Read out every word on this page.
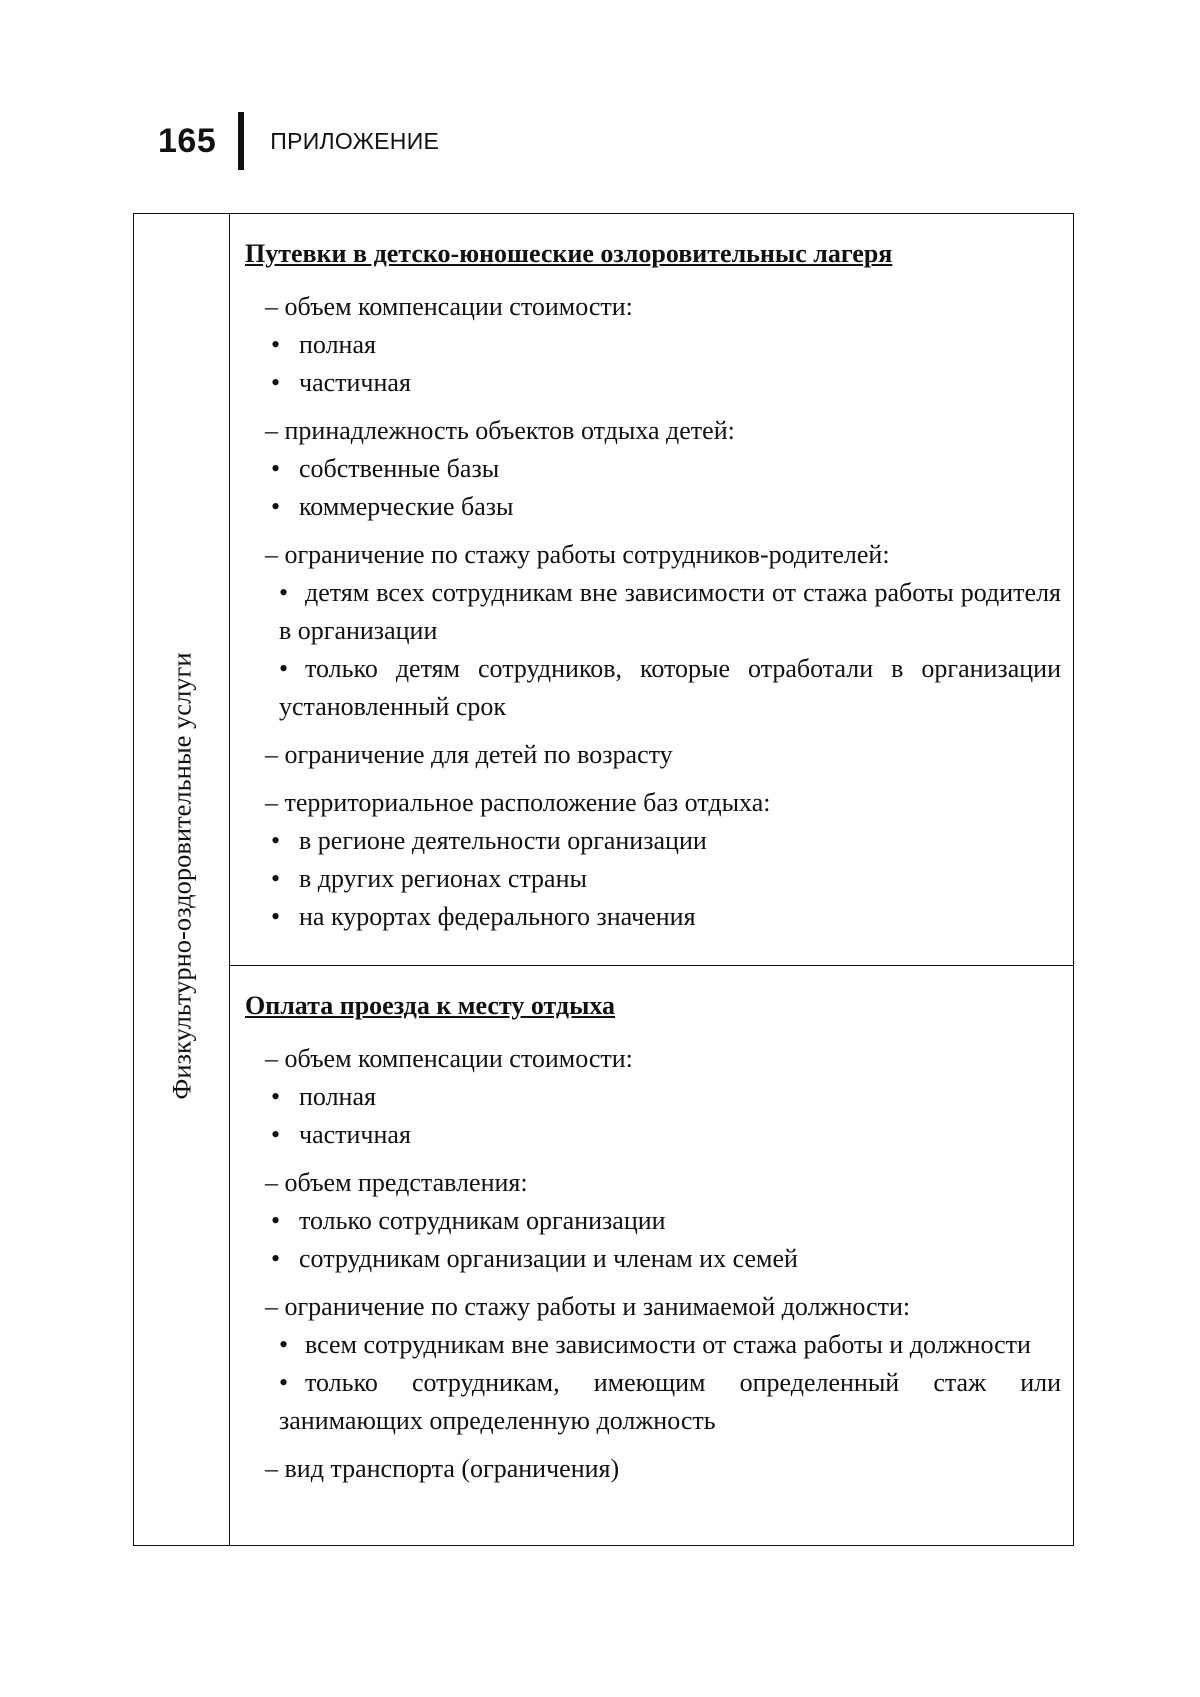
165 ПРИЛОЖЕНИЕ
Физкультурно-оздоровительные услуги
Путевки в детско-юношеские озлоровительныс лагеря
– объем компенсации стоимости:
• полная
• частичная
– принадлежность объектов отдыха детей:
• собственные базы
• коммерческие базы
– ограничение по стажу работы сотрудников-родителей:
• детям всех сотрудникам вне зависимости от стажа работы родителя в организации
• только детям сотрудников, которые отработали в организации установленный срок
– ограничение для детей по возрасту
– территориальное расположение баз отдыха:
• в регионе деятельности организации
• в других регионах страны
• на курортах федерального значения
Оплата проезда к месту отдыха
– объем компенсации стоимости:
• полная
• частичная
– объем представления:
• только сотрудникам организации
• сотрудникам организации и членам их семей
– ограничение по стажу работы и занимаемой должности:
• всем сотрудникам вне зависимости от стажа работы и должности
• только сотрудникам, имеющим определенный стаж или занимающих определенную должность
– вид транспорта (ограничения)
